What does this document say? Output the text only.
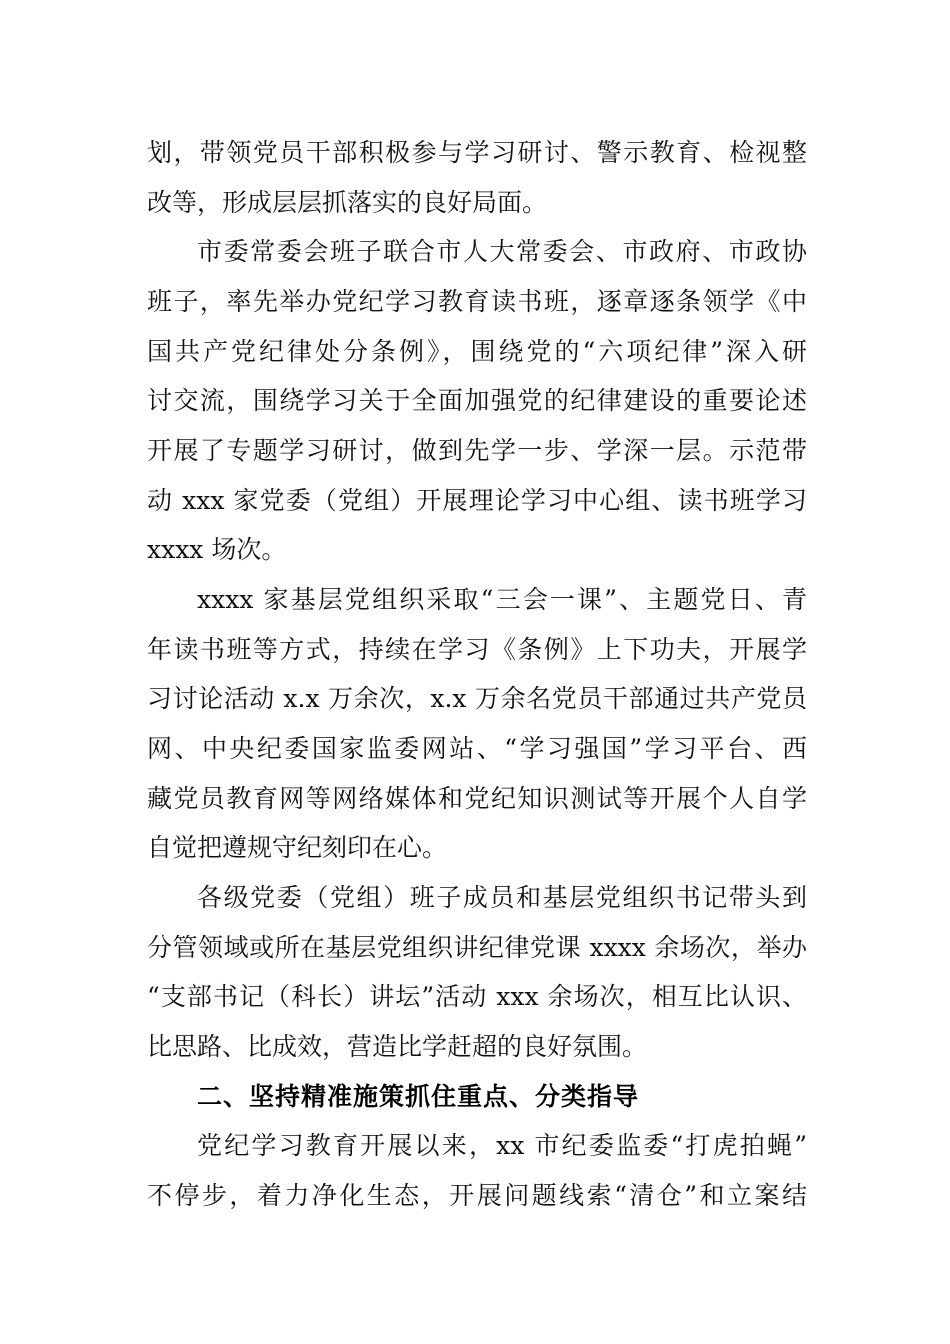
划，带领党员干部积极参与学习研讨、警示教育、检视整
改等，形成层层抓落实的良好局面。
市委常委会班子联合市人大常委会、市政府、市政协
班子，率先举办党纪学习教育读书班，逐章逐条领学《中
国共产党纪律处分条例》，围绕党的“六项纪律”深入研
讨交流，围绕学习关于全面加强党的纪律建设的重要论述
开展了专题学习研讨，做到先学一步、学深一层。示范带
动 xxx 家党委（党组）开展理论学习中心组、读书班学习
xxxx 场次。
xxxx 家基层党组织采取“三会一课”、主题党日、青
年读书班等方式，持续在学习《条例》上下功夫，开展学
习讨论活动 x.x 万余次，x.x 万余名党员干部通过共产党员
网、中央纪委国家监委网站、“学习强国”学习平台、西
藏党员教育网等网络媒体和党纪知识测试等开展个人自学
自觉把遵规守纪刻印在心。
各级党委（党组）班子成员和基层党组织书记带头到
分管领域或所在基层党组织讲纪律党课 xxxx 余场次，举办
“支部书记（科长）讲坛”活动 xxx 余场次，相互比认识、
比思路、比成效，营造比学赶超的良好氛围。
二、坚持精准施策抓住重点、分类指导
党纪学习教育开展以来，xx 市纪委监委“打虎拍蝇”
不停步，着力净化生态，开展问题线索“清仓”和立案结
